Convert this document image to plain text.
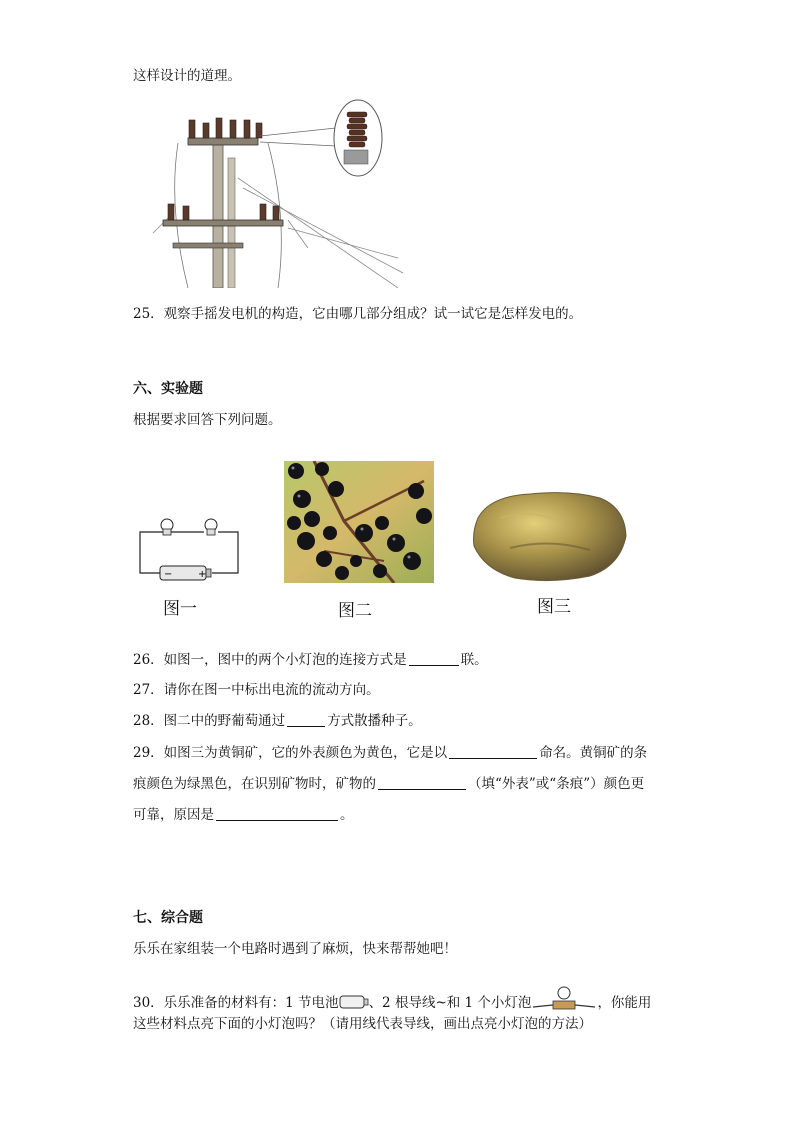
这样设计的道理。
25．观察手摇发电机的构造，它由哪几部分组成？试一试它是怎样发电的。
六、实验题
根据要求回答下列问题。
−	+
图一	图二	图三
26．如图一，图中的两个小灯泡的连接方式是	联。
27．请你在图一中标出电流的流动方向。
28．图二中的野葡萄通过	方式散播种子。
29．如图三为黄铜矿，它的外表颜色为黄色，它是以	命名。黄铜矿的条
痕颜色为绿黑色，在识别矿物时，矿物的	（填“外表”或“条痕”）颜色更
可靠，原因是	。
七、综合题
乐乐在家组装一个电路时遇到了麻烦，快来帮帮她吧！
30．乐乐准备的材料有：1 节电池 、2 根导线~和 1 个小灯泡	，你能用
这些材料点亮下面的小灯泡吗？（请用线代表导线，画出点亮小灯泡的方法）
